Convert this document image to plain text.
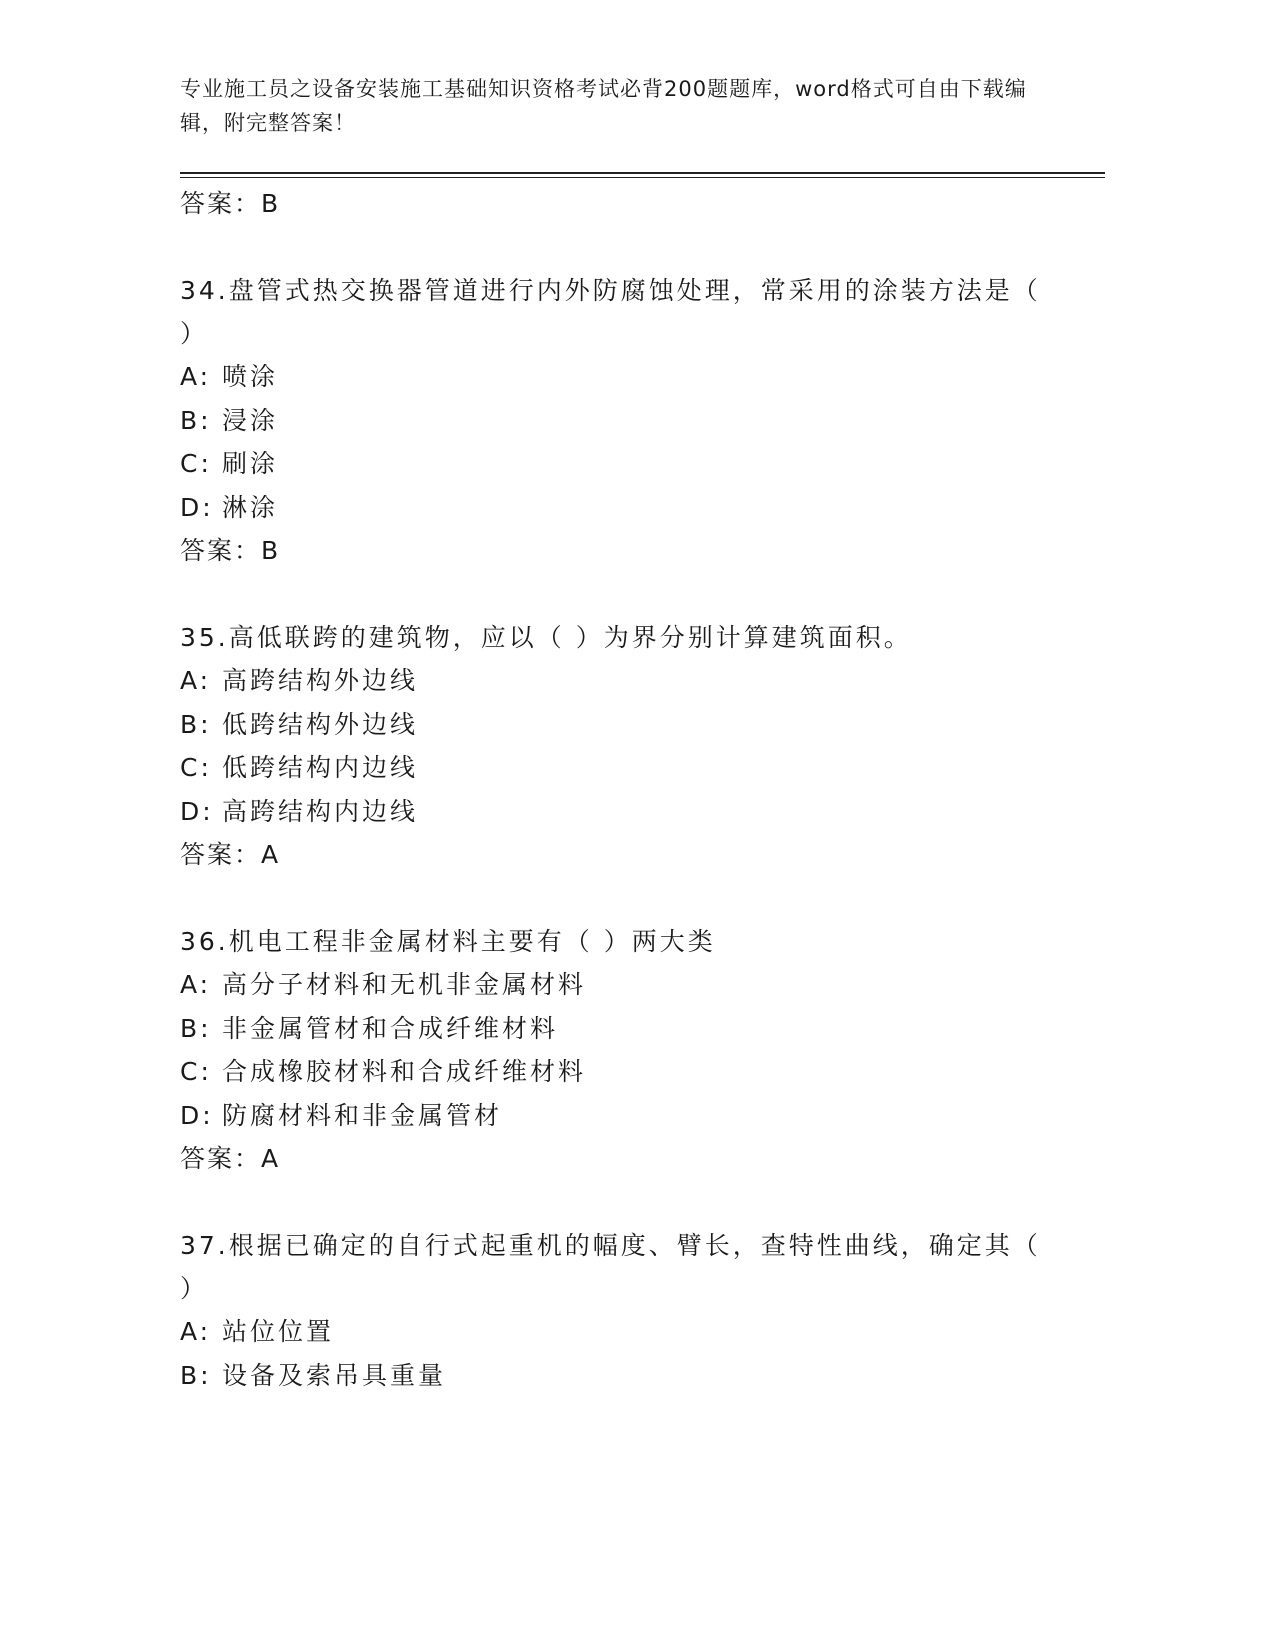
专业施工员之设备安装施工基础知识资格考试必背200题题库，word格式可自由下载编辑，附完整答案！
答案：B
34.盘管式热交换器管道进行内外防腐蚀处理，常采用的涂装方法是（ ）
A: 喷涂
B: 浸涂
C: 刷涂
D: 淋涂
答案：B
35.高低联跨的建筑物，应以（ ）为界分别计算建筑面积。
A: 高跨结构外边线
B: 低跨结构外边线
C: 低跨结构内边线
D: 高跨结构内边线
答案：A
36.机电工程非金属材料主要有（ ）两大类
A: 高分子材料和无机非金属材料
B: 非金属管材和合成纤维材料
C: 合成橡胶材料和合成纤维材料
D: 防腐材料和非金属管材
答案：A
37.根据已确定的自行式起重机的幅度、臂长，查特性曲线，确定其（ ）
A: 站位位置
B: 设备及索吊具重量
